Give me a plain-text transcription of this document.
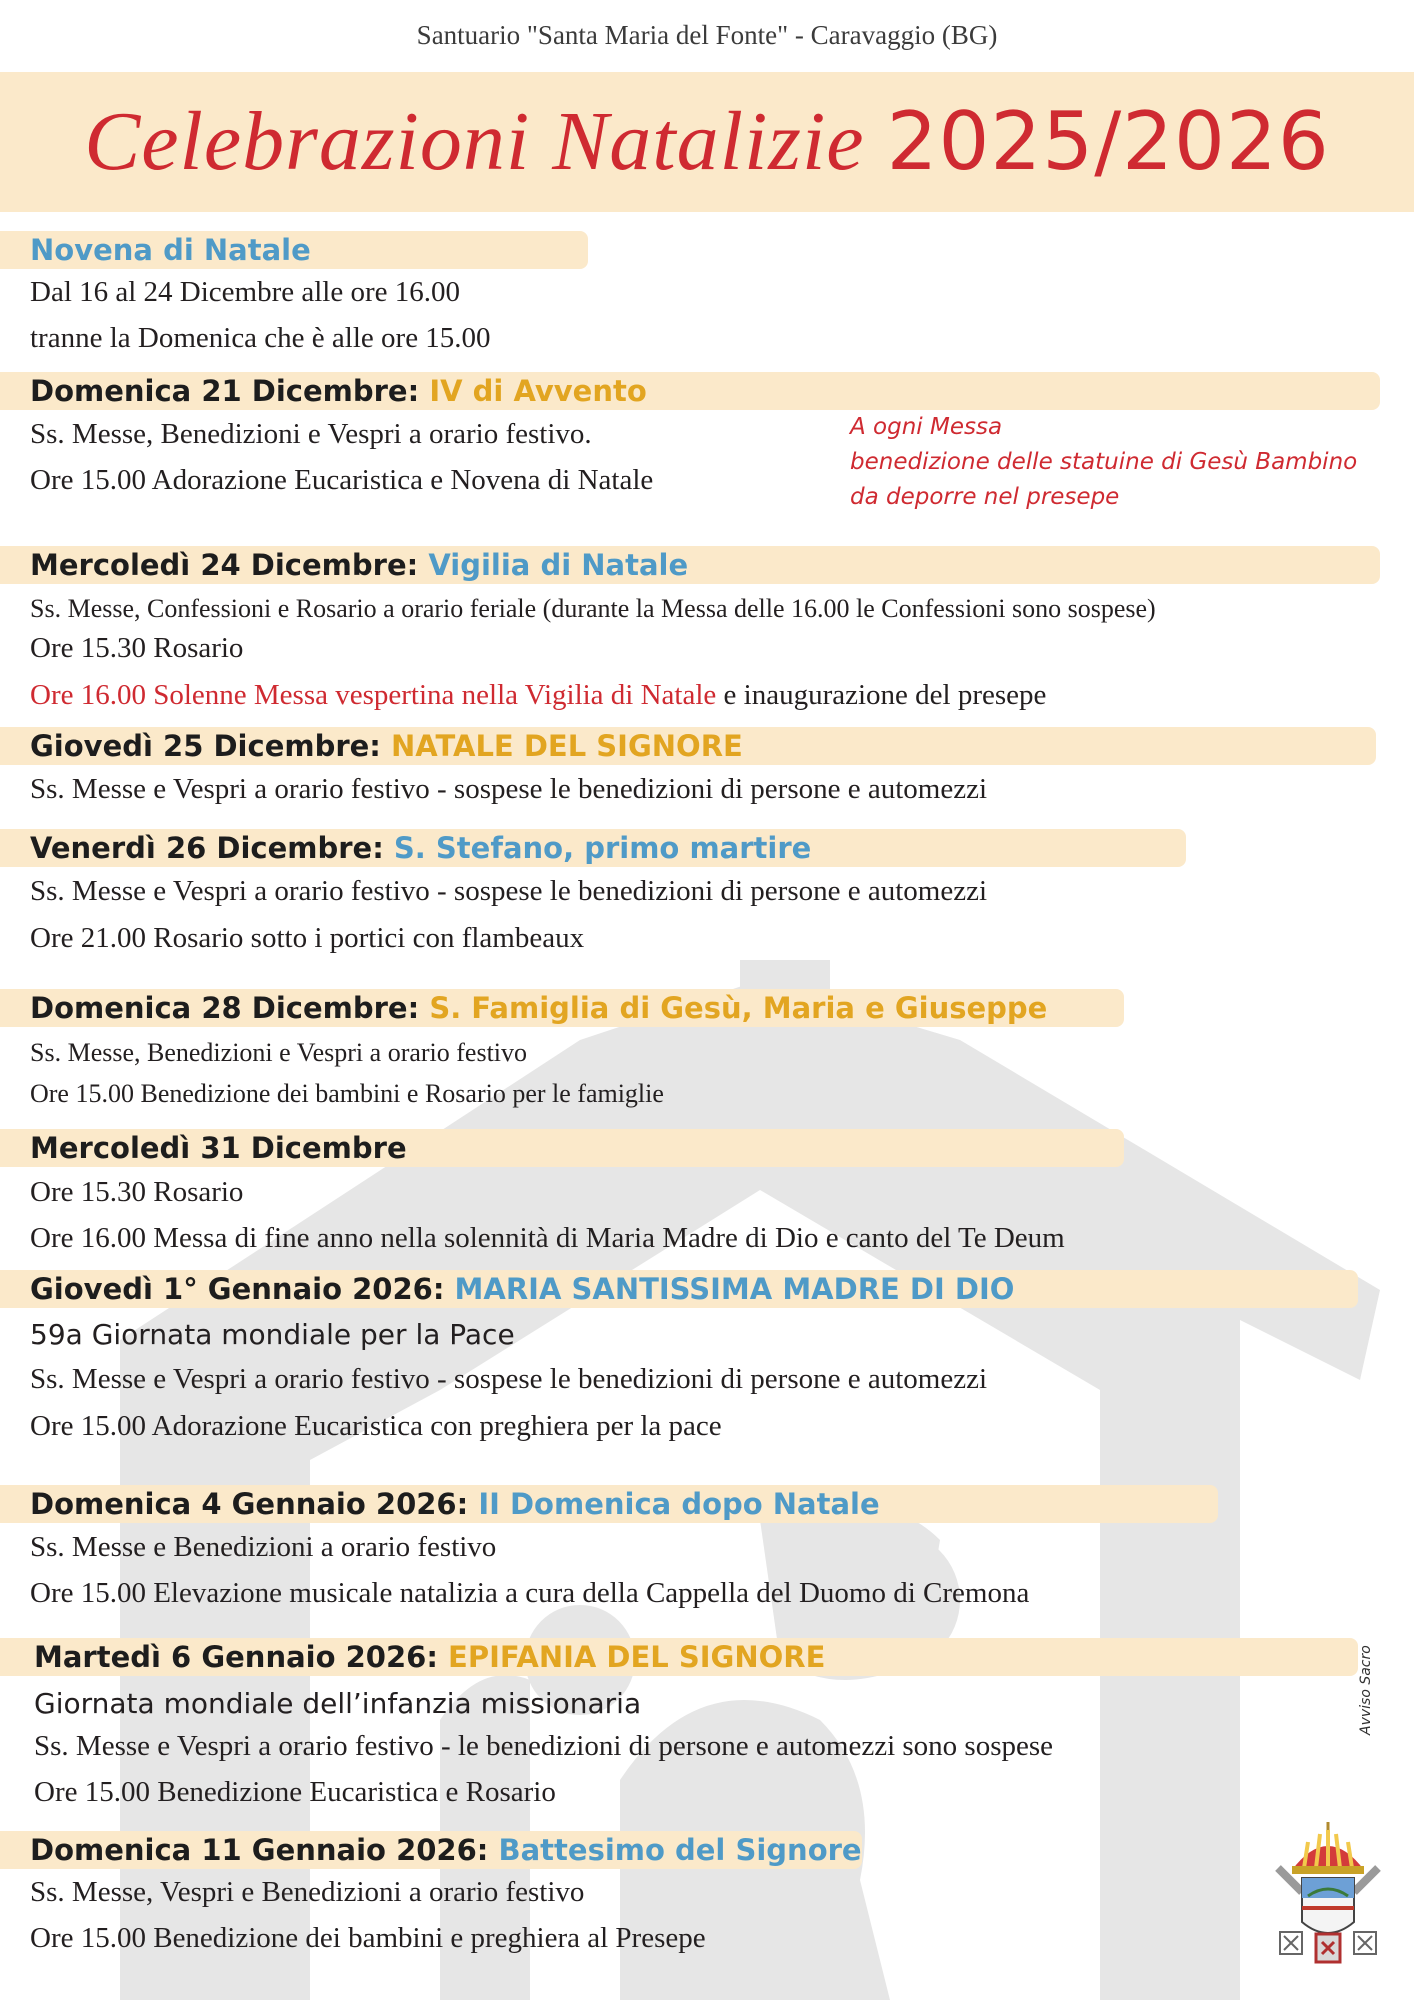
Santuario "Santa Maria del Fonte" - Caravaggio (BG)
Celebrazioni Natalizie 2025/2026
Novena di Natale
Dal 16 al 24 Dicembre alle ore 16.00
tranne la Domenica che è alle ore 15.00
Domenica 21 Dicembre: IV di Avvento
Ss. Messe, Benedizioni e Vespri a orario festivo.
Ore 15.00 Adorazione Eucaristica e Novena di Natale
A ogni Messa
benedizione delle statuine di Gesù Bambino
da deporre nel presepe
Mercoledì 24 Dicembre: Vigilia di Natale
Ss. Messe, Confessioni e Rosario a orario feriale (durante la Messa delle 16.00 le Confessioni sono sospese)
Ore 15.30 Rosario
Ore 16.00 Solenne Messa vespertina nella Vigilia di Natale e inaugurazione del presepe
Giovedì 25 Dicembre: NATALE DEL SIGNORE
Ss. Messe e Vespri a orario festivo - sospese le benedizioni di persone e automezzi
Venerdì 26 Dicembre: S. Stefano, primo martire
Ss. Messe e Vespri a orario festivo - sospese le benedizioni di persone e automezzi
Ore 21.00 Rosario sotto i portici con flambeaux
Domenica 28 Dicembre: S. Famiglia di Gesù, Maria e Giuseppe
Ss. Messe, Benedizioni e Vespri a orario festivo
Ore 15.00 Benedizione dei bambini e Rosario per le famiglie
Mercoledì 31 Dicembre
Ore 15.30 Rosario
Ore 16.00 Messa di fine anno nella solennità di Maria Madre di Dio e canto del Te Deum
Giovedì 1° Gennaio 2026: MARIA SANTISSIMA MADRE DI DIO
59a Giornata mondiale per la Pace
Ss. Messe e Vespri a orario festivo - sospese le benedizioni di persone e automezzi
Ore 15.00 Adorazione Eucaristica con preghiera per la pace
Domenica 4 Gennaio 2026: II Domenica dopo Natale
Ss. Messe e Benedizioni a orario festivo
Ore 15.00 Elevazione musicale natalizia a cura della Cappella del Duomo di Cremona
Martedì 6 Gennaio 2026: EPIFANIA DEL SIGNORE
Giornata mondiale dell’infanzia missionaria
Ss. Messe e Vespri a orario festivo - le benedizioni di persone e automezzi sono sospese
Ore 15.00 Benedizione Eucaristica e Rosario
Domenica 11 Gennaio 2026: Battesimo del Signore
Ss. Messe, Vespri e Benedizioni a orario festivo
Ore 15.00 Benedizione dei bambini e preghiera al Presepe
Avviso Sacro
